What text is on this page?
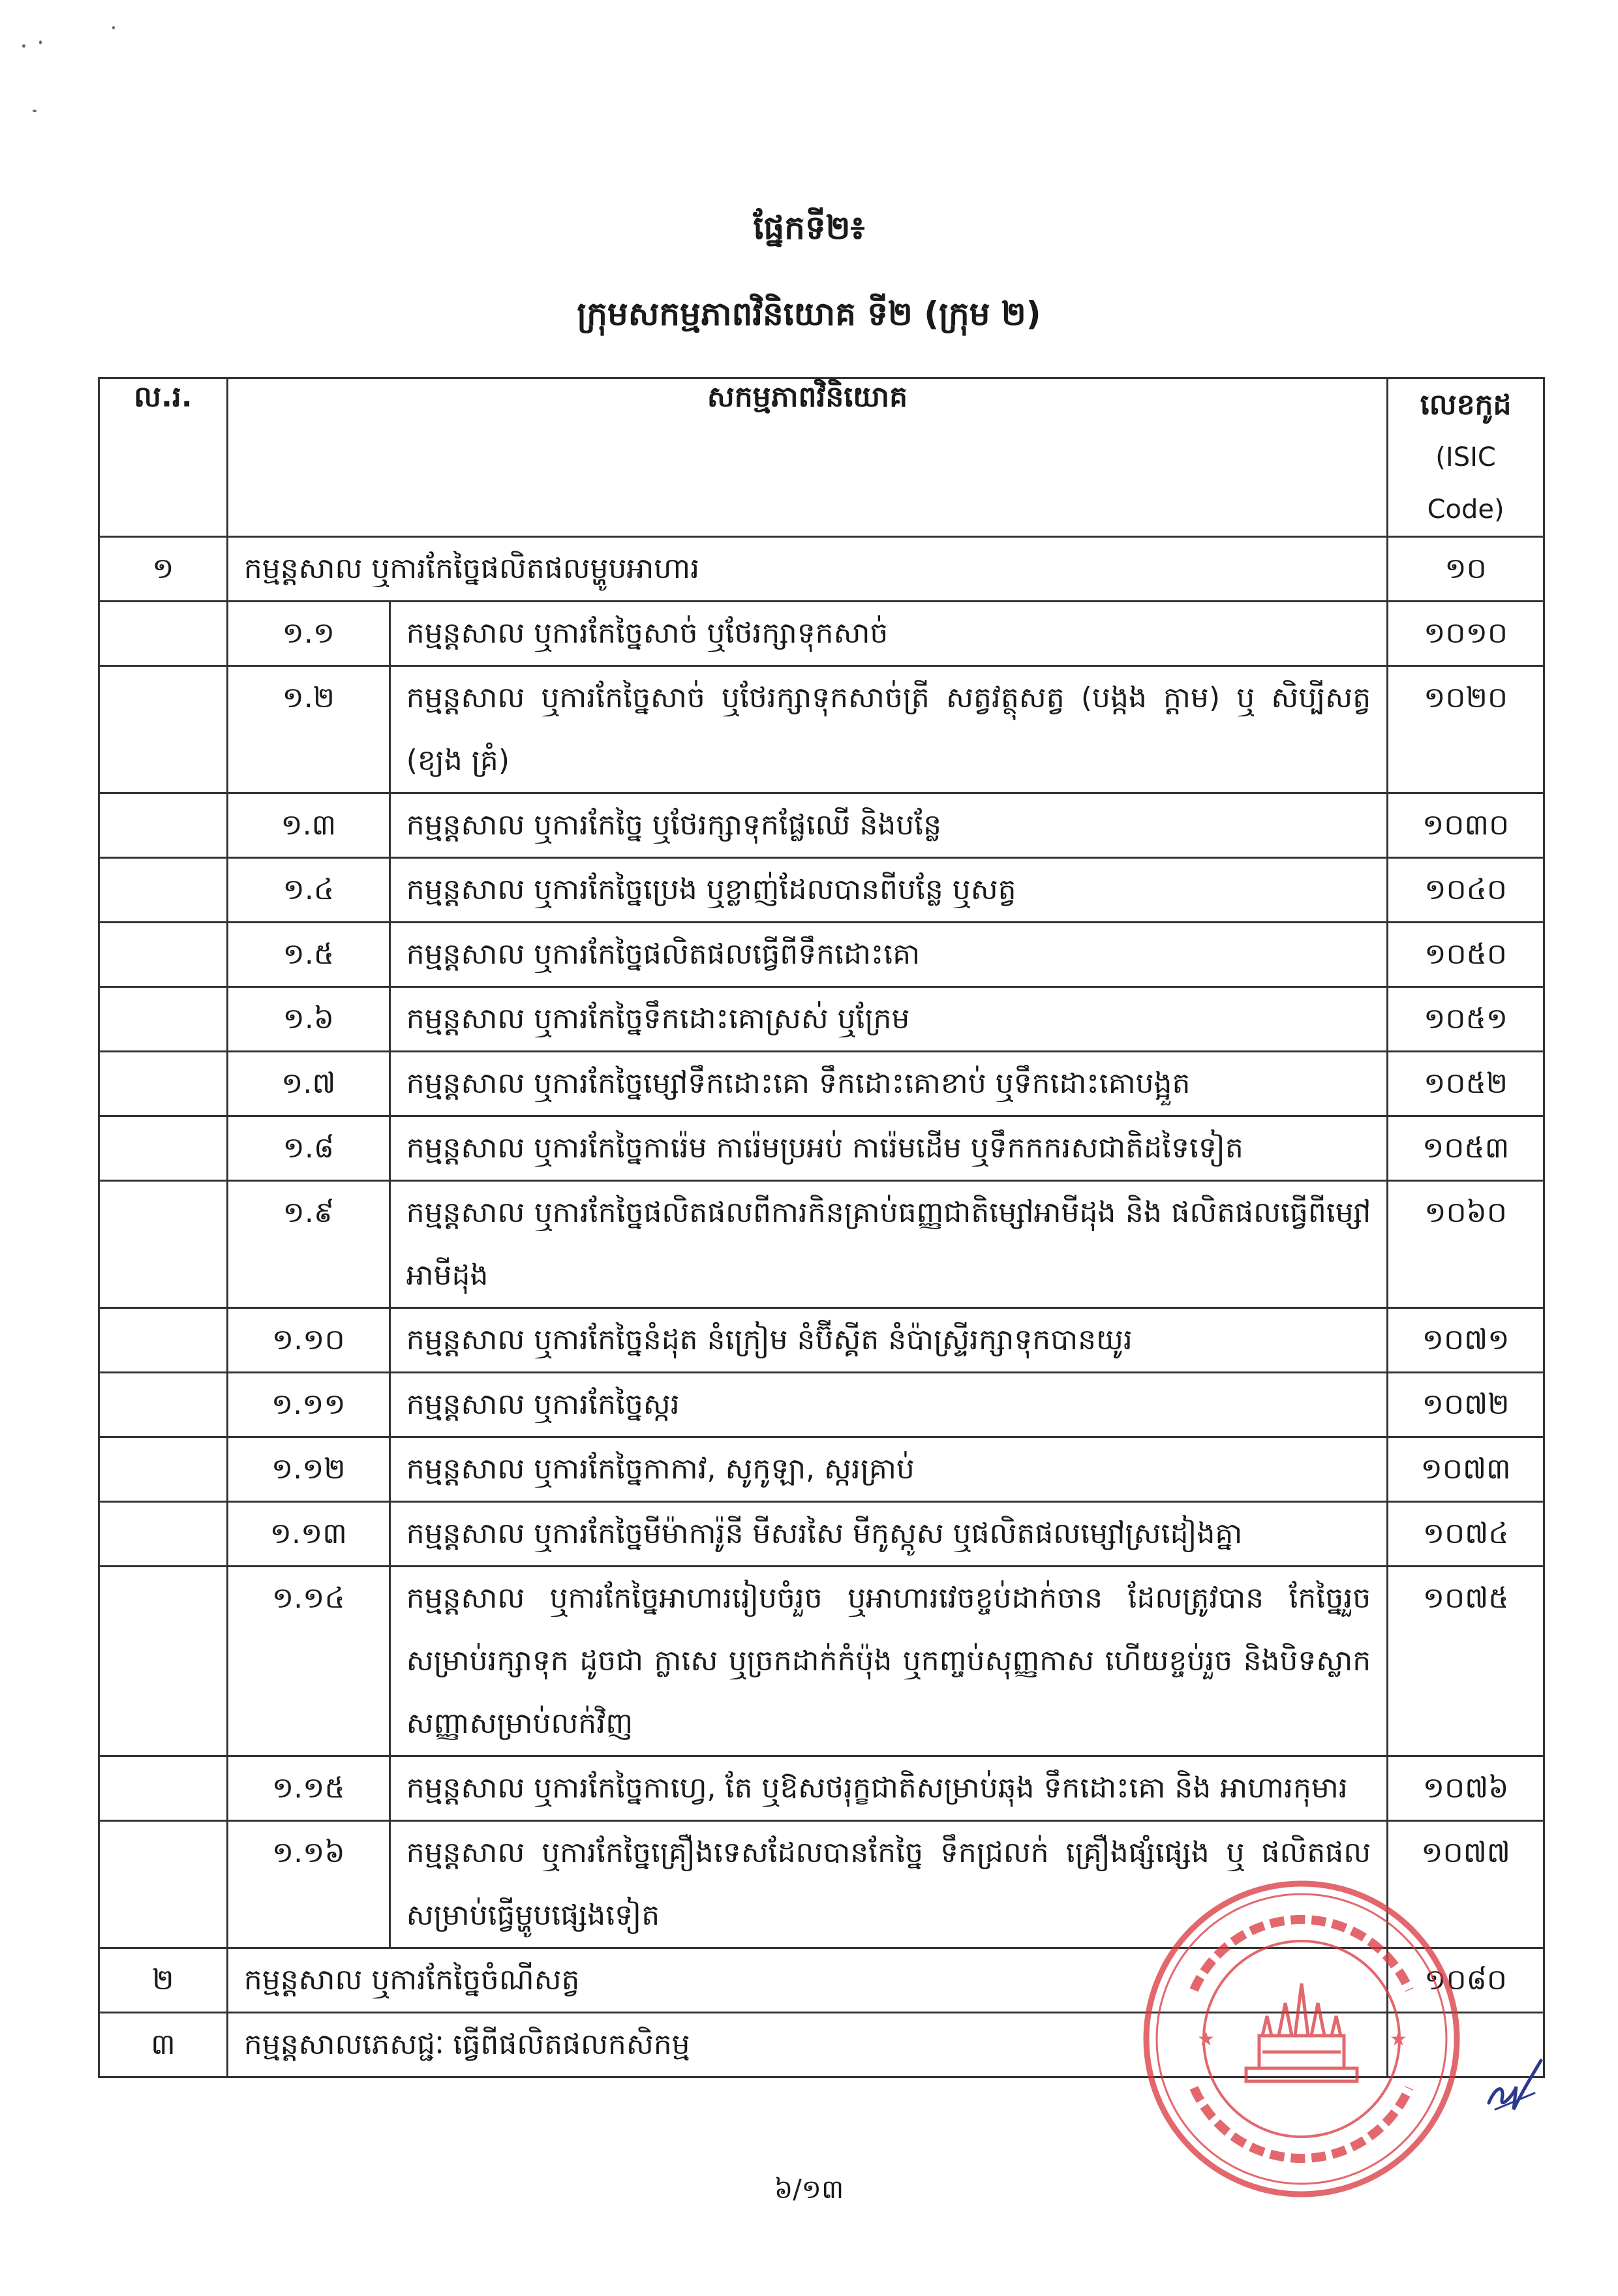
ផ្នែកទី២៖
ក្រុមសកម្មភាពវិនិយោគ ទី២ (ក្រុម ២)
ល.រ.	សកម្មភាពវិនិយោគ		លេខកូដ
(ISIC Code)

១	កម្មន្តសាល ឬការកែច្នៃផលិតផលម្ហូបអាហារ		១០
	១.១	កម្មន្តសាល ឬការកែច្នៃសាច់ ឬថែរក្សាទុកសាច់	១០១០
	១.២	កម្មន្តសាល ឬការកែច្នៃសាច់ ឬថែរក្សាទុកសាច់ត្រី សត្វវត្ថុសត្វ (បង្កង ក្ដាម) ឬ សិប្បីសត្វ (ខ្យង គ្រំ)	១០២០
	១.៣	កម្មន្តសាល ឬការកែច្នៃ ឬថែរក្សាទុកផ្លែឈើ និងបន្លែ	១០៣០
	១.៤	កម្មន្តសាល ឬការកែច្នៃប្រេង ឬខ្លាញ់ដែលបានពីបន្លែ ឬសត្វ	១០៤០
	១.៥	កម្មន្តសាល ឬការកែច្នៃផលិតផលធ្វើពីទឹកដោះគោ	១០៥០
	១.៦	កម្មន្តសាល ឬការកែច្នៃទឹកដោះគោស្រស់ ឬក្រែម	១០៥១
	១.៧	កម្មន្តសាល ឬការកែច្នៃម្សៅទឹកដោះគោ ទឹកដោះគោខាប់ ឬទឹកដោះគោបង្អួត	១០៥២
	១.៨	កម្មន្តសាល ឬការកែច្នៃការ៉េម ការ៉េមប្រអប់ ការ៉េមដើម ឬទឹកកករសជាតិដទៃទៀត	១០៥៣
	១.៩	កម្មន្តសាល ឬការកែច្នៃផលិតផលពីការកិនគ្រាប់ធញ្ញជាតិម្សៅអាមីដុង និង ផលិតផលធ្វើពីម្សៅអាមីដុង	១០៦០
	១.១០	កម្មន្តសាល ឬការកែច្នៃនំដុត នំក្រៀម នំប៊ីស្គីត នំប៉ាស្ទ្រីរក្សាទុកបានយូរ	១០៧១
	១.១១	កម្មន្តសាល ឬការកែច្នៃស្ករ	១០៧២
	១.១២	កម្មន្តសាល ឬការកែច្នៃកាកាវ, សូកូឡា, ស្ករគ្រាប់	១០៧៣
	១.១៣	កម្មន្តសាល ឬការកែច្នៃមីម៉ាការ៉ូនី មីសរសៃ មីកូស្កូស ឬផលិតផលម្សៅស្រដៀងគ្នា	១០៧៤
	១.១៤	កម្មន្តសាល ឬការកែច្នៃអាហាររៀបចំរួច ឬអាហារវេចខ្ចប់ដាក់ចាន ដែលត្រូវបាន កែច្នៃរួចសម្រាប់រក្សាទុក ដូចជា ក្លាសេ ឬច្រកដាក់កំប៉ុង ឬកញ្ចប់សុញ្ញកាស ហើយខ្ចប់រួច និងបិទស្លាកសញ្ញាសម្រាប់លក់វិញ	១០៧៥
	១.១៥	កម្មន្តសាល ឬការកែច្នៃកាហ្វេ, តែ ឬឱសថរុក្ខជាតិសម្រាប់ឆុង ទឹកដោះគោ និង អាហារកុមារ	១០៧៦
	១.១៦	កម្មន្តសាល ឬការកែច្នៃគ្រឿងទេសដែលបានកែច្នៃ ទឹកជ្រលក់ គ្រឿងផ្សំផ្សេង ឬ ផលិតផល សម្រាប់ធ្វើម្ហូបផ្សេងទៀត	១០៧៧
២	កម្មន្តសាល ឬការកែច្នៃចំណីសត្វ		១០៨០
៣	កម្មន្តសាលភេសជ្ជៈ ធ្វើពីផលិតផលកសិកម្ម			★	★
៦/១៣
